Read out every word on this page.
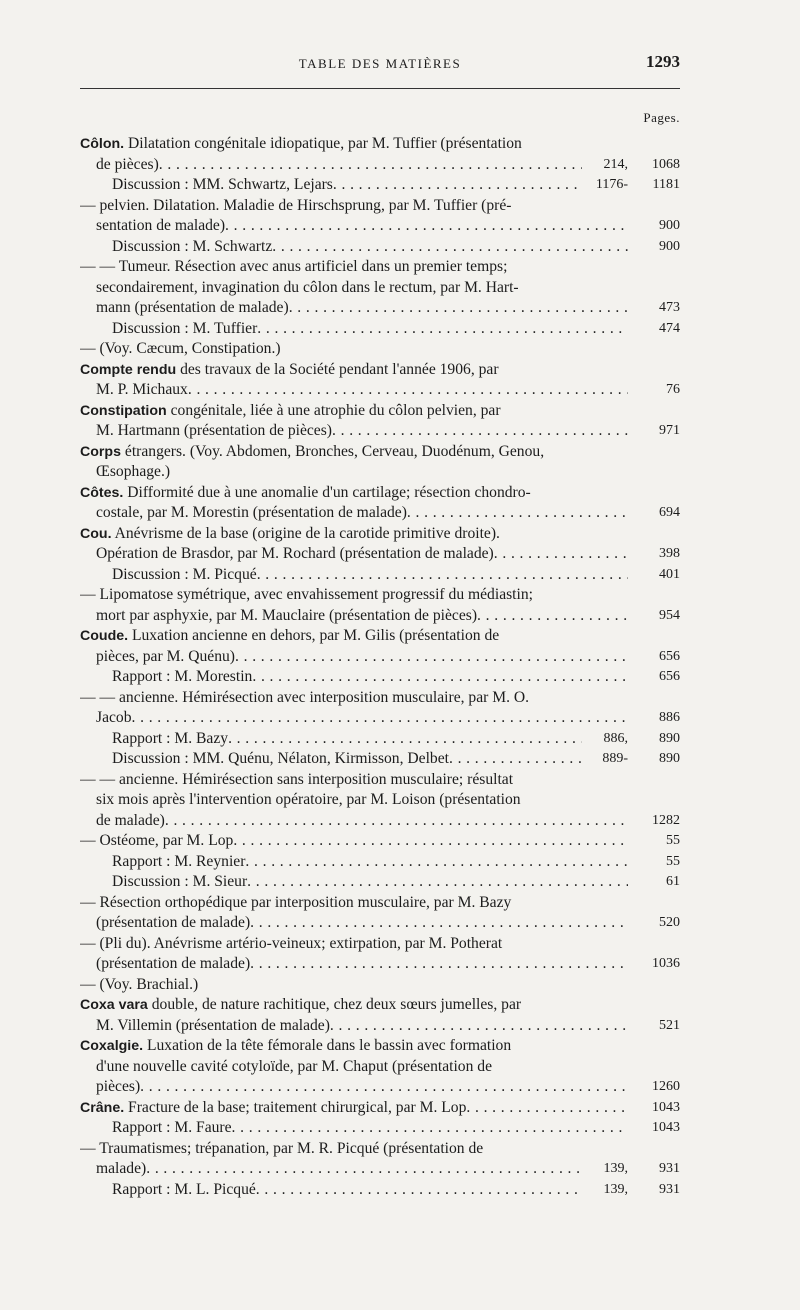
TABLE DES MATIÈRES	1293
Pages.
Côlon. Dilatation congénitale idiopatique, par M. Tuffier (présentation
de pièces) .....	214, 1068
Discussion : MM. Schwartz, Lejars .....	1176- 1181
— pelvien. Dilatation. Maladie de Hirschsprung, par M. Tuffier (pré-
sentation de malade) .....	900
Discussion : M. Schwartz .....	900
— — Tumeur. Résection avec anus artificiel dans un premier temps;
secondairement, invagination du côlon dans le rectum, par M. Hart-
mann (présentation de malade) .....	473
Discussion : M. Tuffier .....	474
— (Voy. Cæcum, Constipation.)
Compte rendu des travaux de la Société pendant l'année 1906, par
M. P. Michaux .....	76
Constipation congénitale, liée à une atrophie du côlon pelvien, par
M. Hartmann (présentation de pièces) .....	971
Corps étrangers. (Voy. Abdomen, Bronches, Cerveau, Duodénum, Genou,
Œsophage.)
Côtes. Difformité due à une anomalie d'un cartilage; résection chondro-
costale, par M. Morestin (présentation de malade) .....	694
Cou. Anévrisme de la base (origine de la carotide primitive droite).
Opération de Brasdor, par M. Rochard (présentation de malade) .....	398
Discussion : M. Picqué .....	401
— Lipomatose symétrique, avec envahissement progressif du médiastin;
mort par asphyxie, par M. Mauclaire (présentation de pièces) .....	954
Coude. Luxation ancienne en dehors, par M. Gilis (présentation de
pièces, par M. Quénu) .....	656
Rapport : M. Morestin .....	656
— — ancienne. Hémirésection avec interposition musculaire, par M. O.
Jacob .....	886
Rapport : M. Bazy .....	886, 890
Discussion : MM. Quénu, Nélaton, Kirmisson, Delbet .....	889- 890
— — ancienne. Hémirésection sans interposition musculaire; résultat
six mois après l'intervention opératoire, par M. Loison (présentation
de malade) .....	1282
— Ostéome, par M. Lop .....	55
Rapport : M. Reynier .....	55
Discussion : M. Sieur .....	61
— Résection orthopédique par interposition musculaire, par M. Bazy
(présentation de malade) .....	520
— (Pli du). Anévrisme artério-veineux; extirpation, par M. Potherat
(présentation de malade) .....	1036
— (Voy. Brachial.)
Coxa vara double, de nature rachitique, chez deux sœurs jumelles, par
M. Villemin (présentation de malade) .....	521
Coxalgie. Luxation de la tête fémorale dans le bassin avec formation
d'une nouvelle cavité cotyloïde, par M. Chaput (présentation de
pièces) .....	1260
Crâne. Fracture de la base; traitement chirurgical, par M. Lop .....	1043
Rapport : M. Faure .....	1043
— Traumatismes; trépanation, par M. R. Picqué (présentation de
malade) .....	139, 931
Rapport : M. L. Picqué .....	139, 931
